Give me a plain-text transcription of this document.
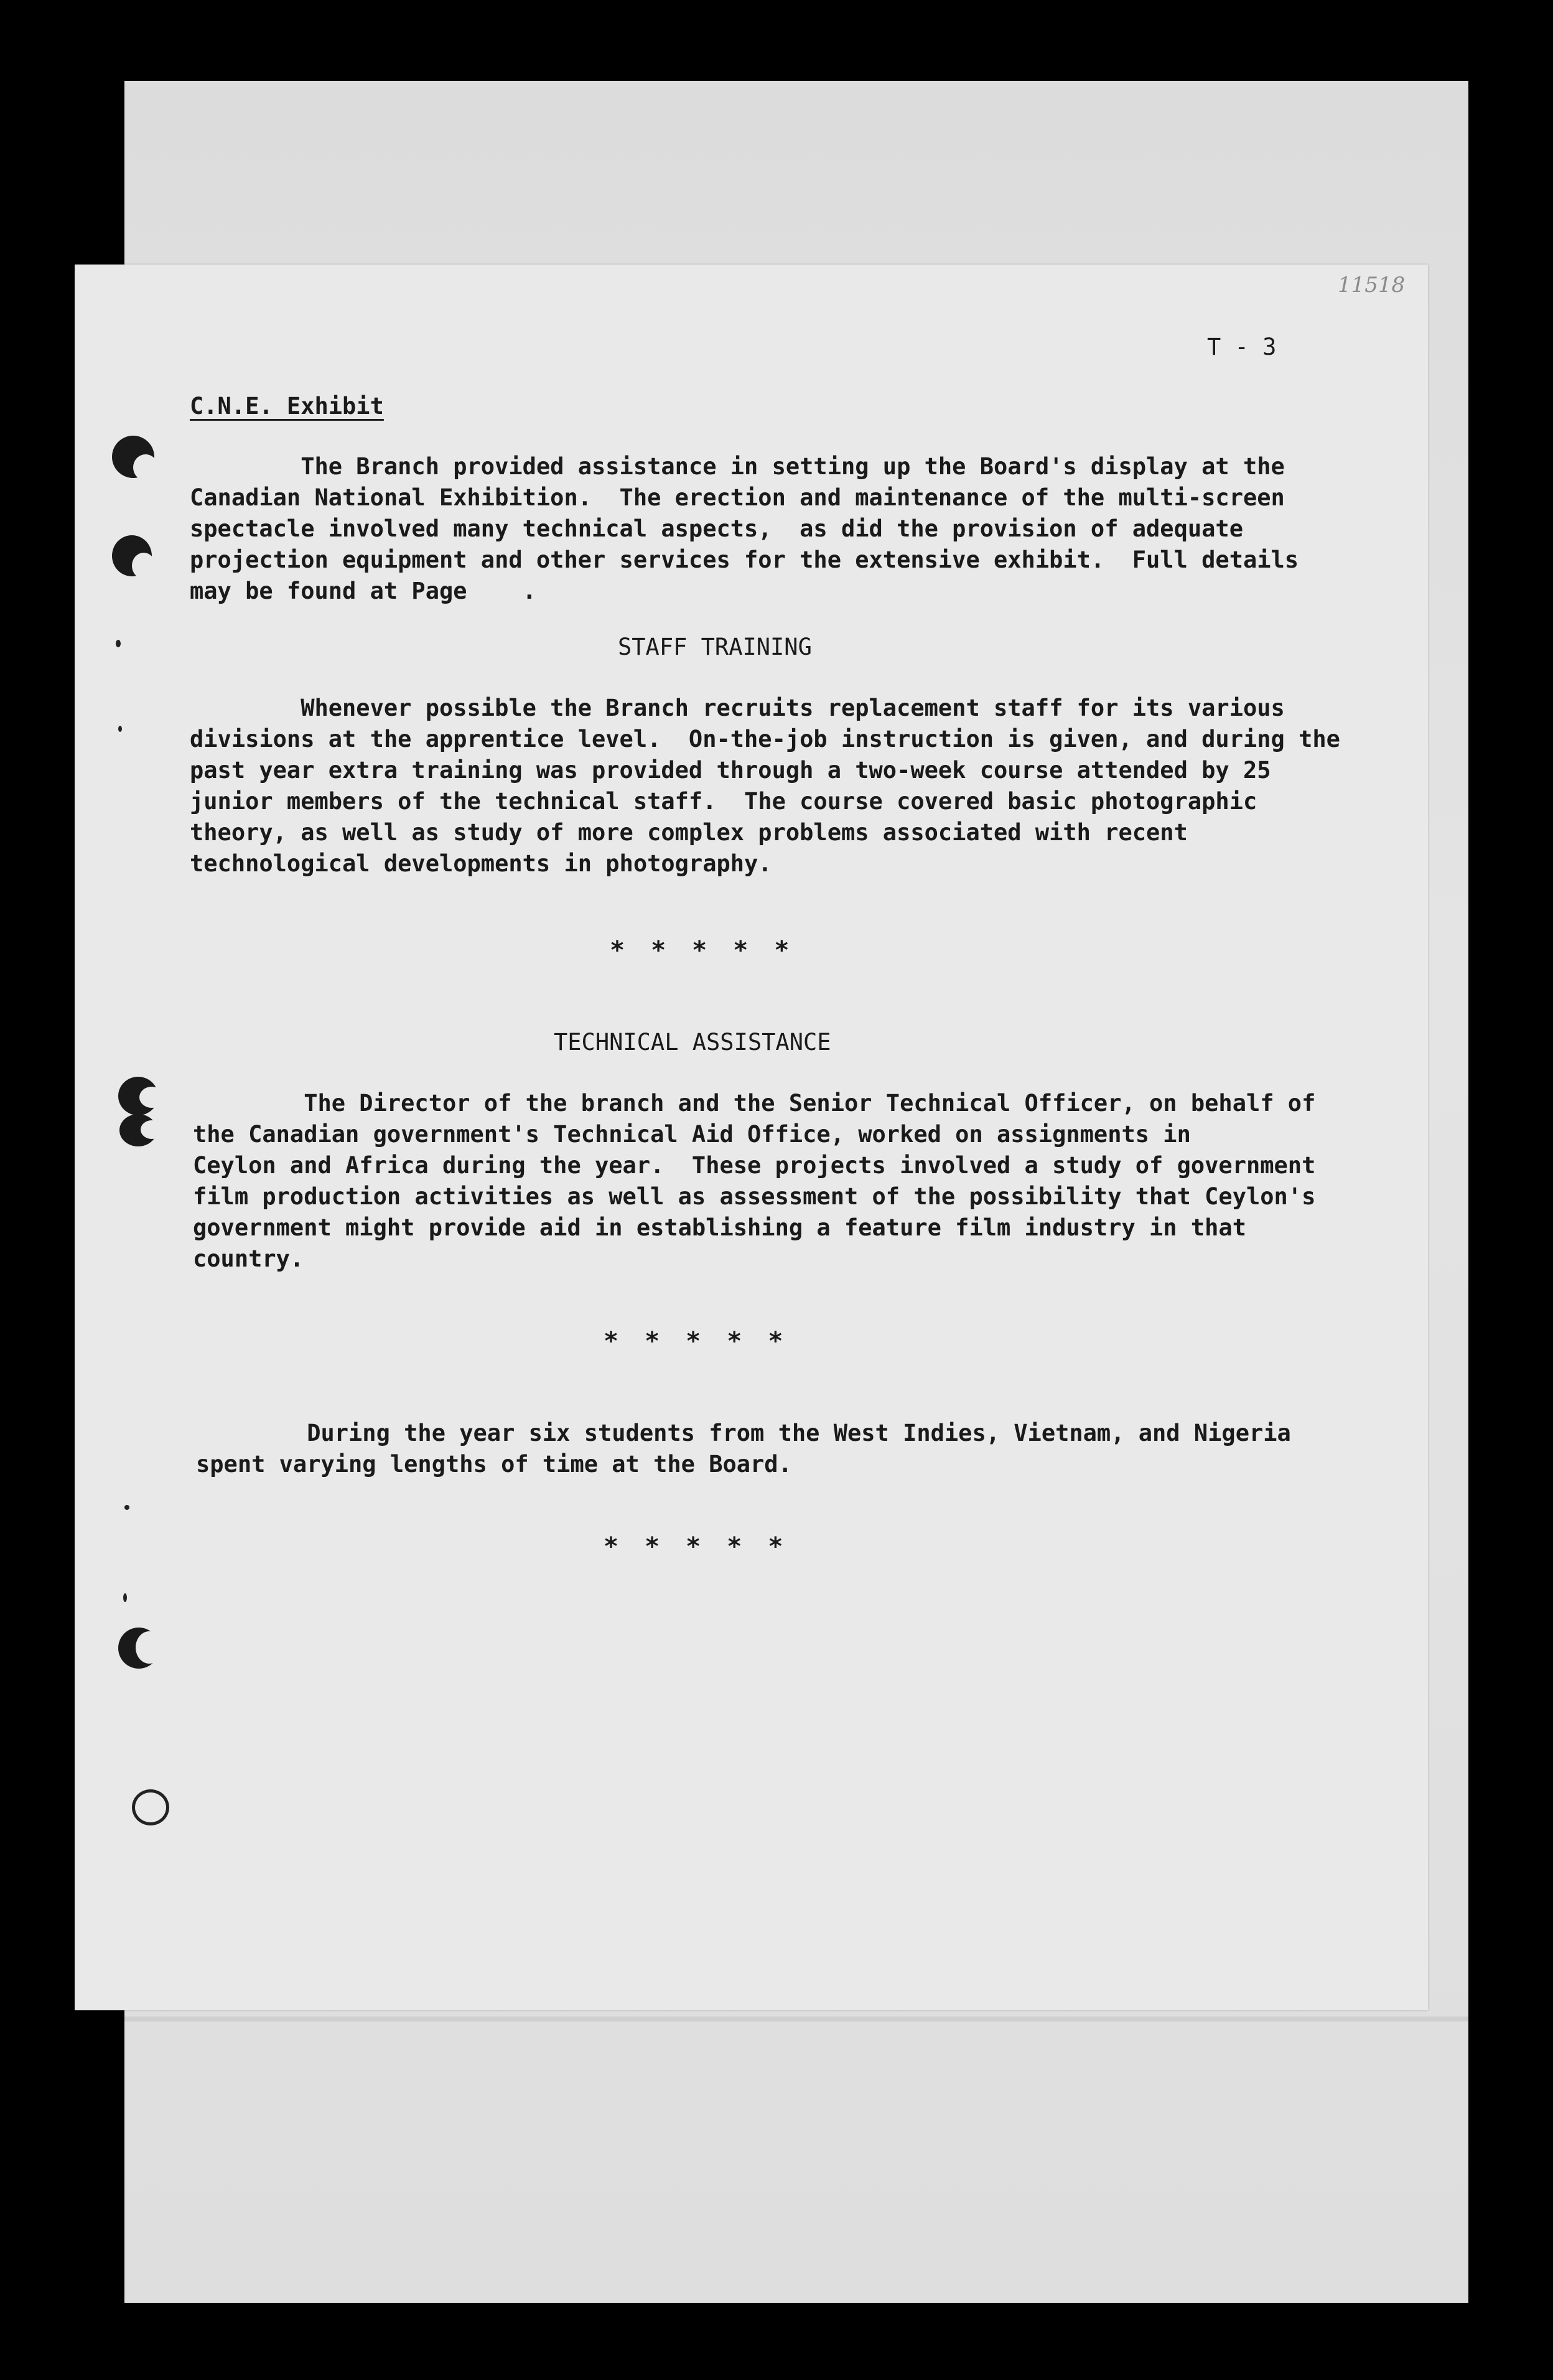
11518
T - 3
C.N.E. Exhibit
The Branch provided assistance in setting up the Board's display at the
Canadian National Exhibition.  The erection and maintenance of the multi-screen
spectacle involved many technical aspects,  as did the provision of adequate
projection equipment and other services for the extensive exhibit.  Full details
may be found at Page    .
STAFF TRAINING
Whenever possible the Branch recruits replacement staff for its various
divisions at the apprentice level.  On-the-job instruction is given, and during the
past year extra training was provided through a two-week course attended by 25
junior members of the technical staff.  The course covered basic photographic
theory, as well as study of more complex problems associated with recent
technological developments in photography.
*****
TECHNICAL ASSISTANCE
The Director of the branch and the Senior Technical Officer, on behalf of
the Canadian government's Technical Aid Office, worked on assignments in
Ceylon and Africa during the year.  These projects involved a study of government
film production activities as well as assessment of the possibility that Ceylon's
government might provide aid in establishing a feature film industry in that
country.
*****
During the year six students from the West Indies, Vietnam, and Nigeria
spent varying lengths of time at the Board.
*****
